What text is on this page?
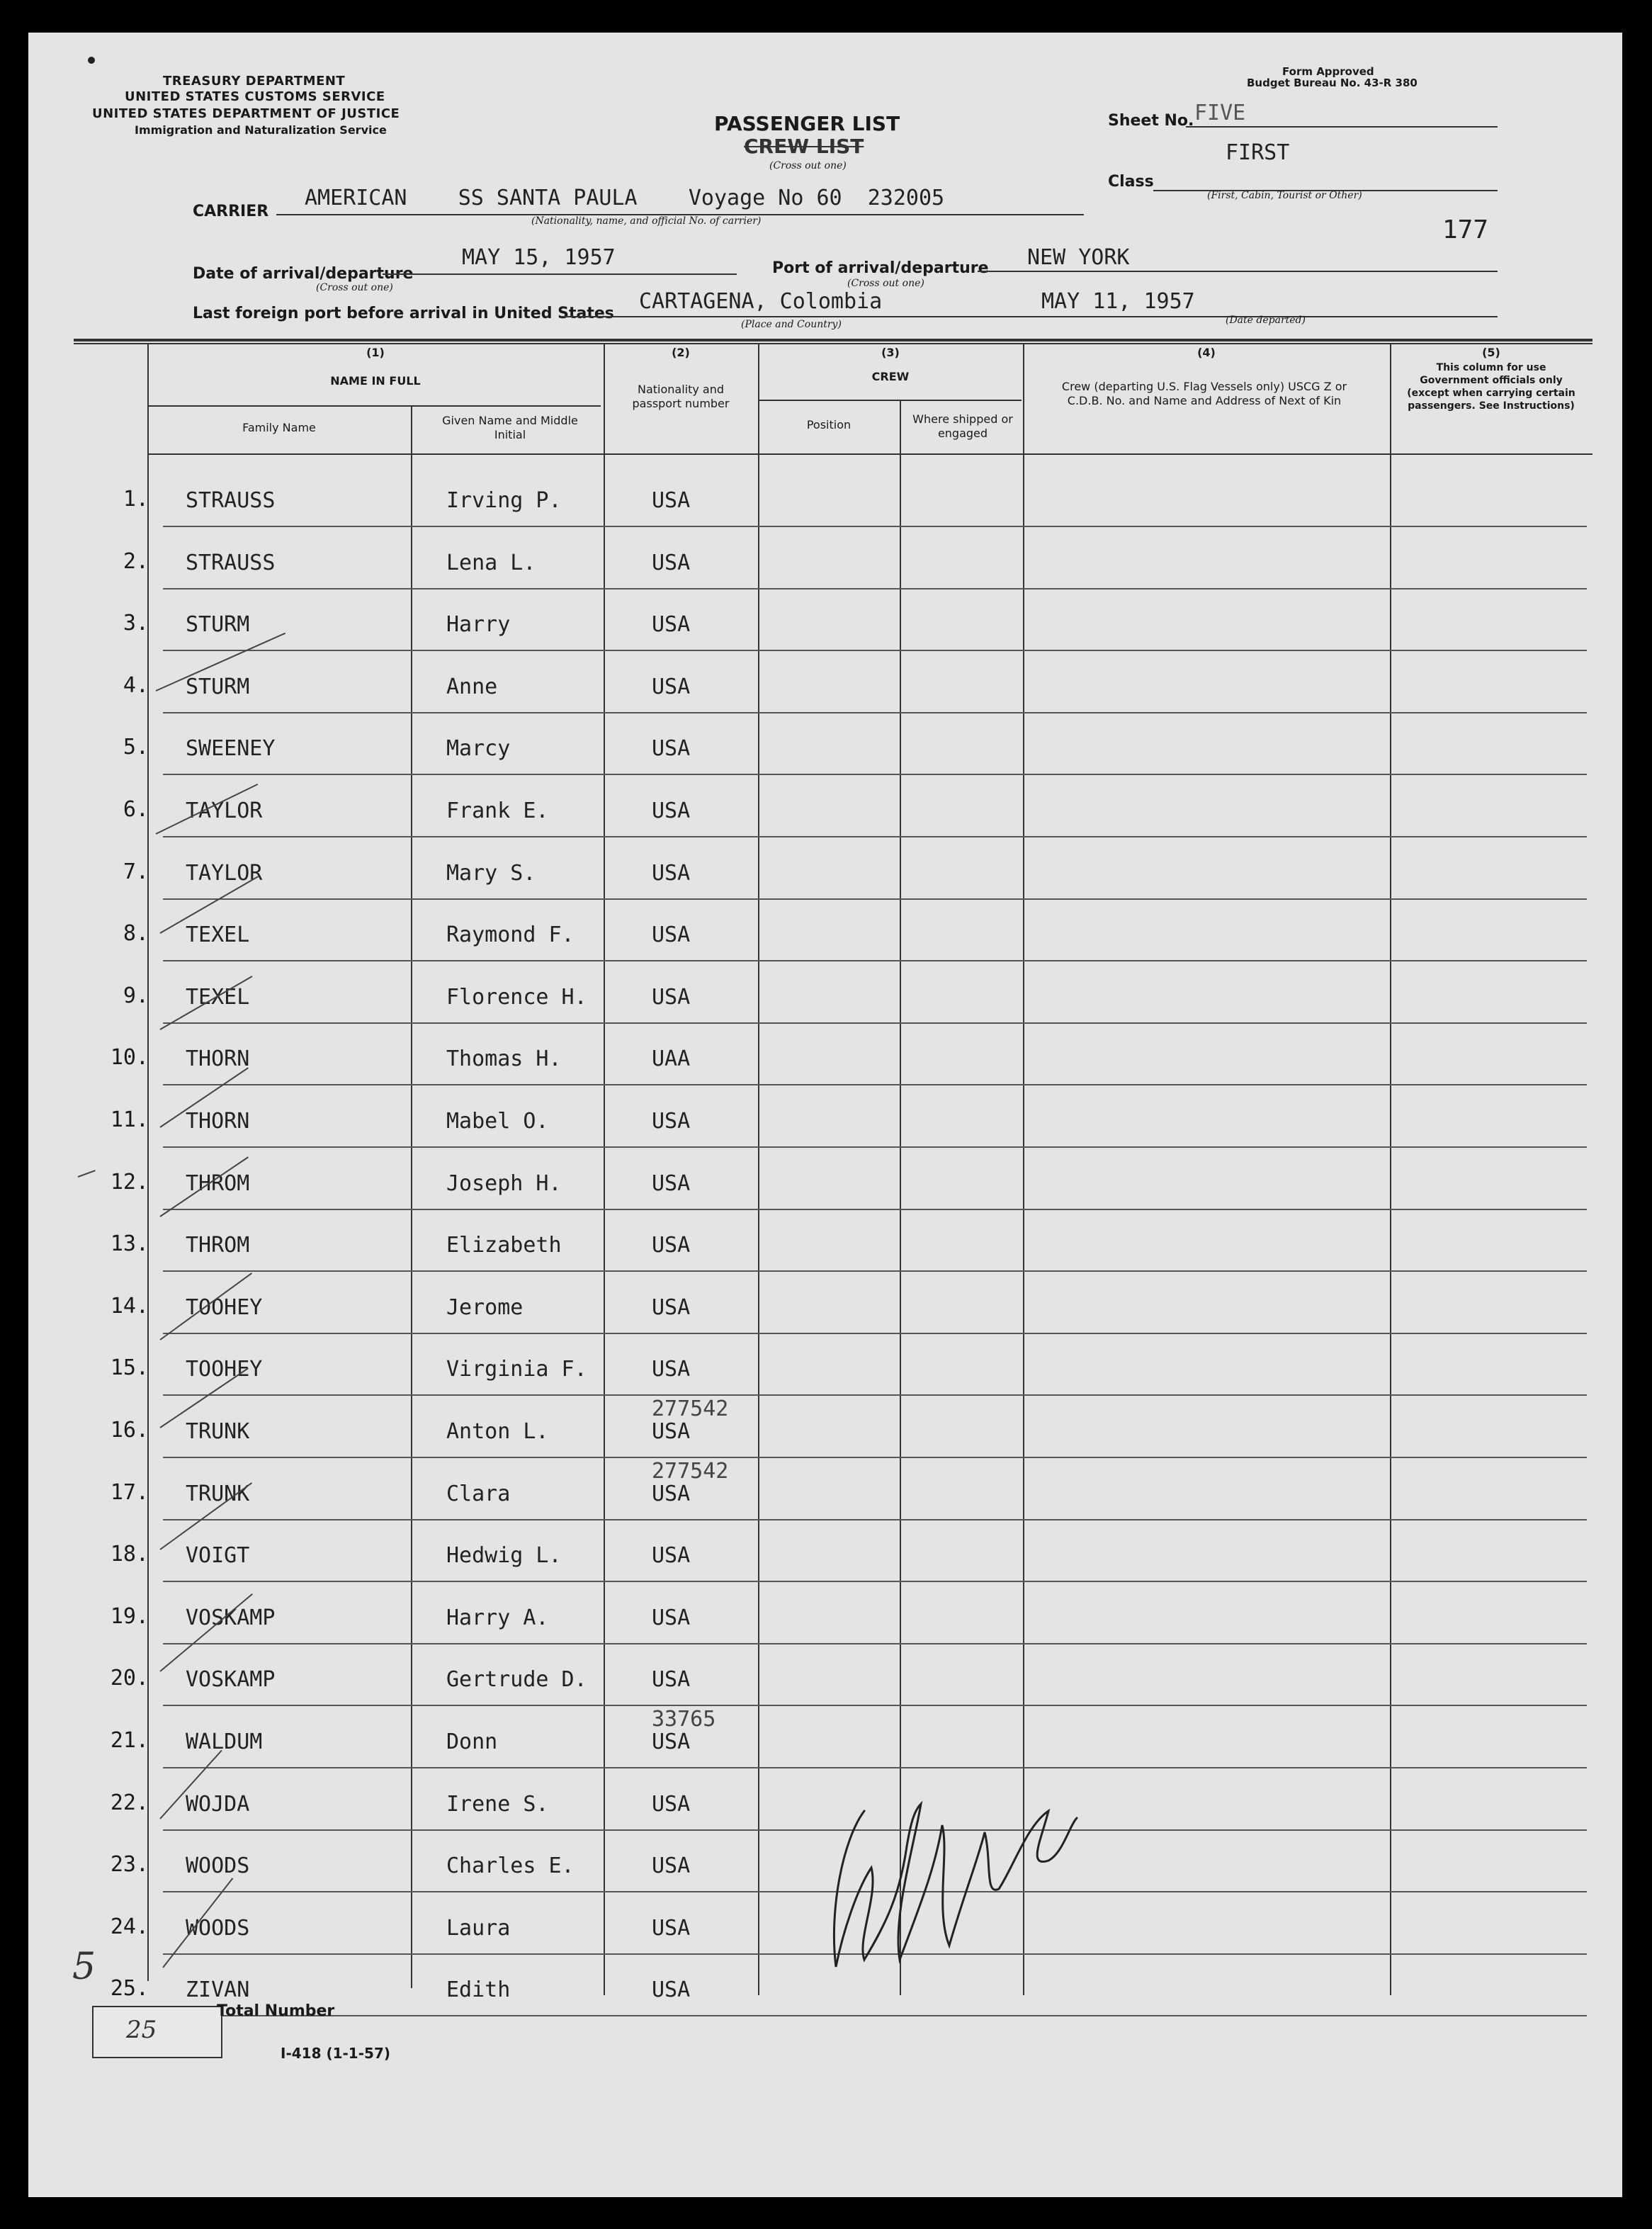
TREASURY DEPARTMENT
UNITED STATES CUSTOMS SERVICE
UNITED STATES DEPARTMENT OF JUSTICE
Immigration and Naturalization Service
Form Approved
Budget Bureau No. 43-R 380
PASSENGER LIST
CREW LIST
(Cross out one)
Sheet No. FIVE
FIRST
Class
(First, Cabin, Tourist or Other)
177
CARRIER
AMERICAN    SS SANTA PAULA    Voyage No 60  232005
(Nationality, name, and official No. of carrier)
Date of arrival/departure
MAY 15, 1957
(Cross out one)
Port of arrival/departure NEW YORK
(Cross out one)
Last foreign port before arrival in United States CARTAGENA, Colombia	MAY 11, 1957
(Place and Country)	(Date departed)
(1)
NAME IN FULL
Family Name
Given Name and Middle Initial
(2)
Nationality and passport number
(3)
CREW
Position	Where shipped or engaged
(4)
Crew (departing U.S. Flag Vessels only) USCG Z or C.D.B. No. and Name and Address of Next of Kin
(5)
This column for use Government officials only (except when carrying certain passengers. See Instructions)
1. STRAUSS	Irving P.	USA
2. STRAUSS	Lena L.	USA
3. STURM	Harry	USA
4. STURM	Anne	USA
5. SWEENEY	Marcy	USA
6. TAYLOR	Frank E.	USA
7. TAYLOR	Mary S.	USA
8. TEXEL	Raymond F.	USA
9. TEXEL	Florence H.	USA
10. THORN	Thomas H.	UAA
11. THORN	Mabel O.	USA
12. THROM	Joseph H.	USA
13. THROM	Elizabeth	USA
14. TOOHEY	Jerome	USA
15. TOOHEY	Virginia F.	USA
16. TRUNK	Anton L.	USA
277542
17. TRUNK	Clara	USA
277542
18. VOIGT	Hedwig L.	USA
19. VOSKAMP	Harry A.	USA
20. VOSKAMP	Gertrude D.	USA
21. WALDUM	Donn	USA
33765
22. WOJDA	Irene S.	USA
23. WOODS	Charles E.	USA
24. WOODS	Laura	USA
25. ZIVAN	Edith	USA
25
Total Number
I-418 (1-1-57)
5
